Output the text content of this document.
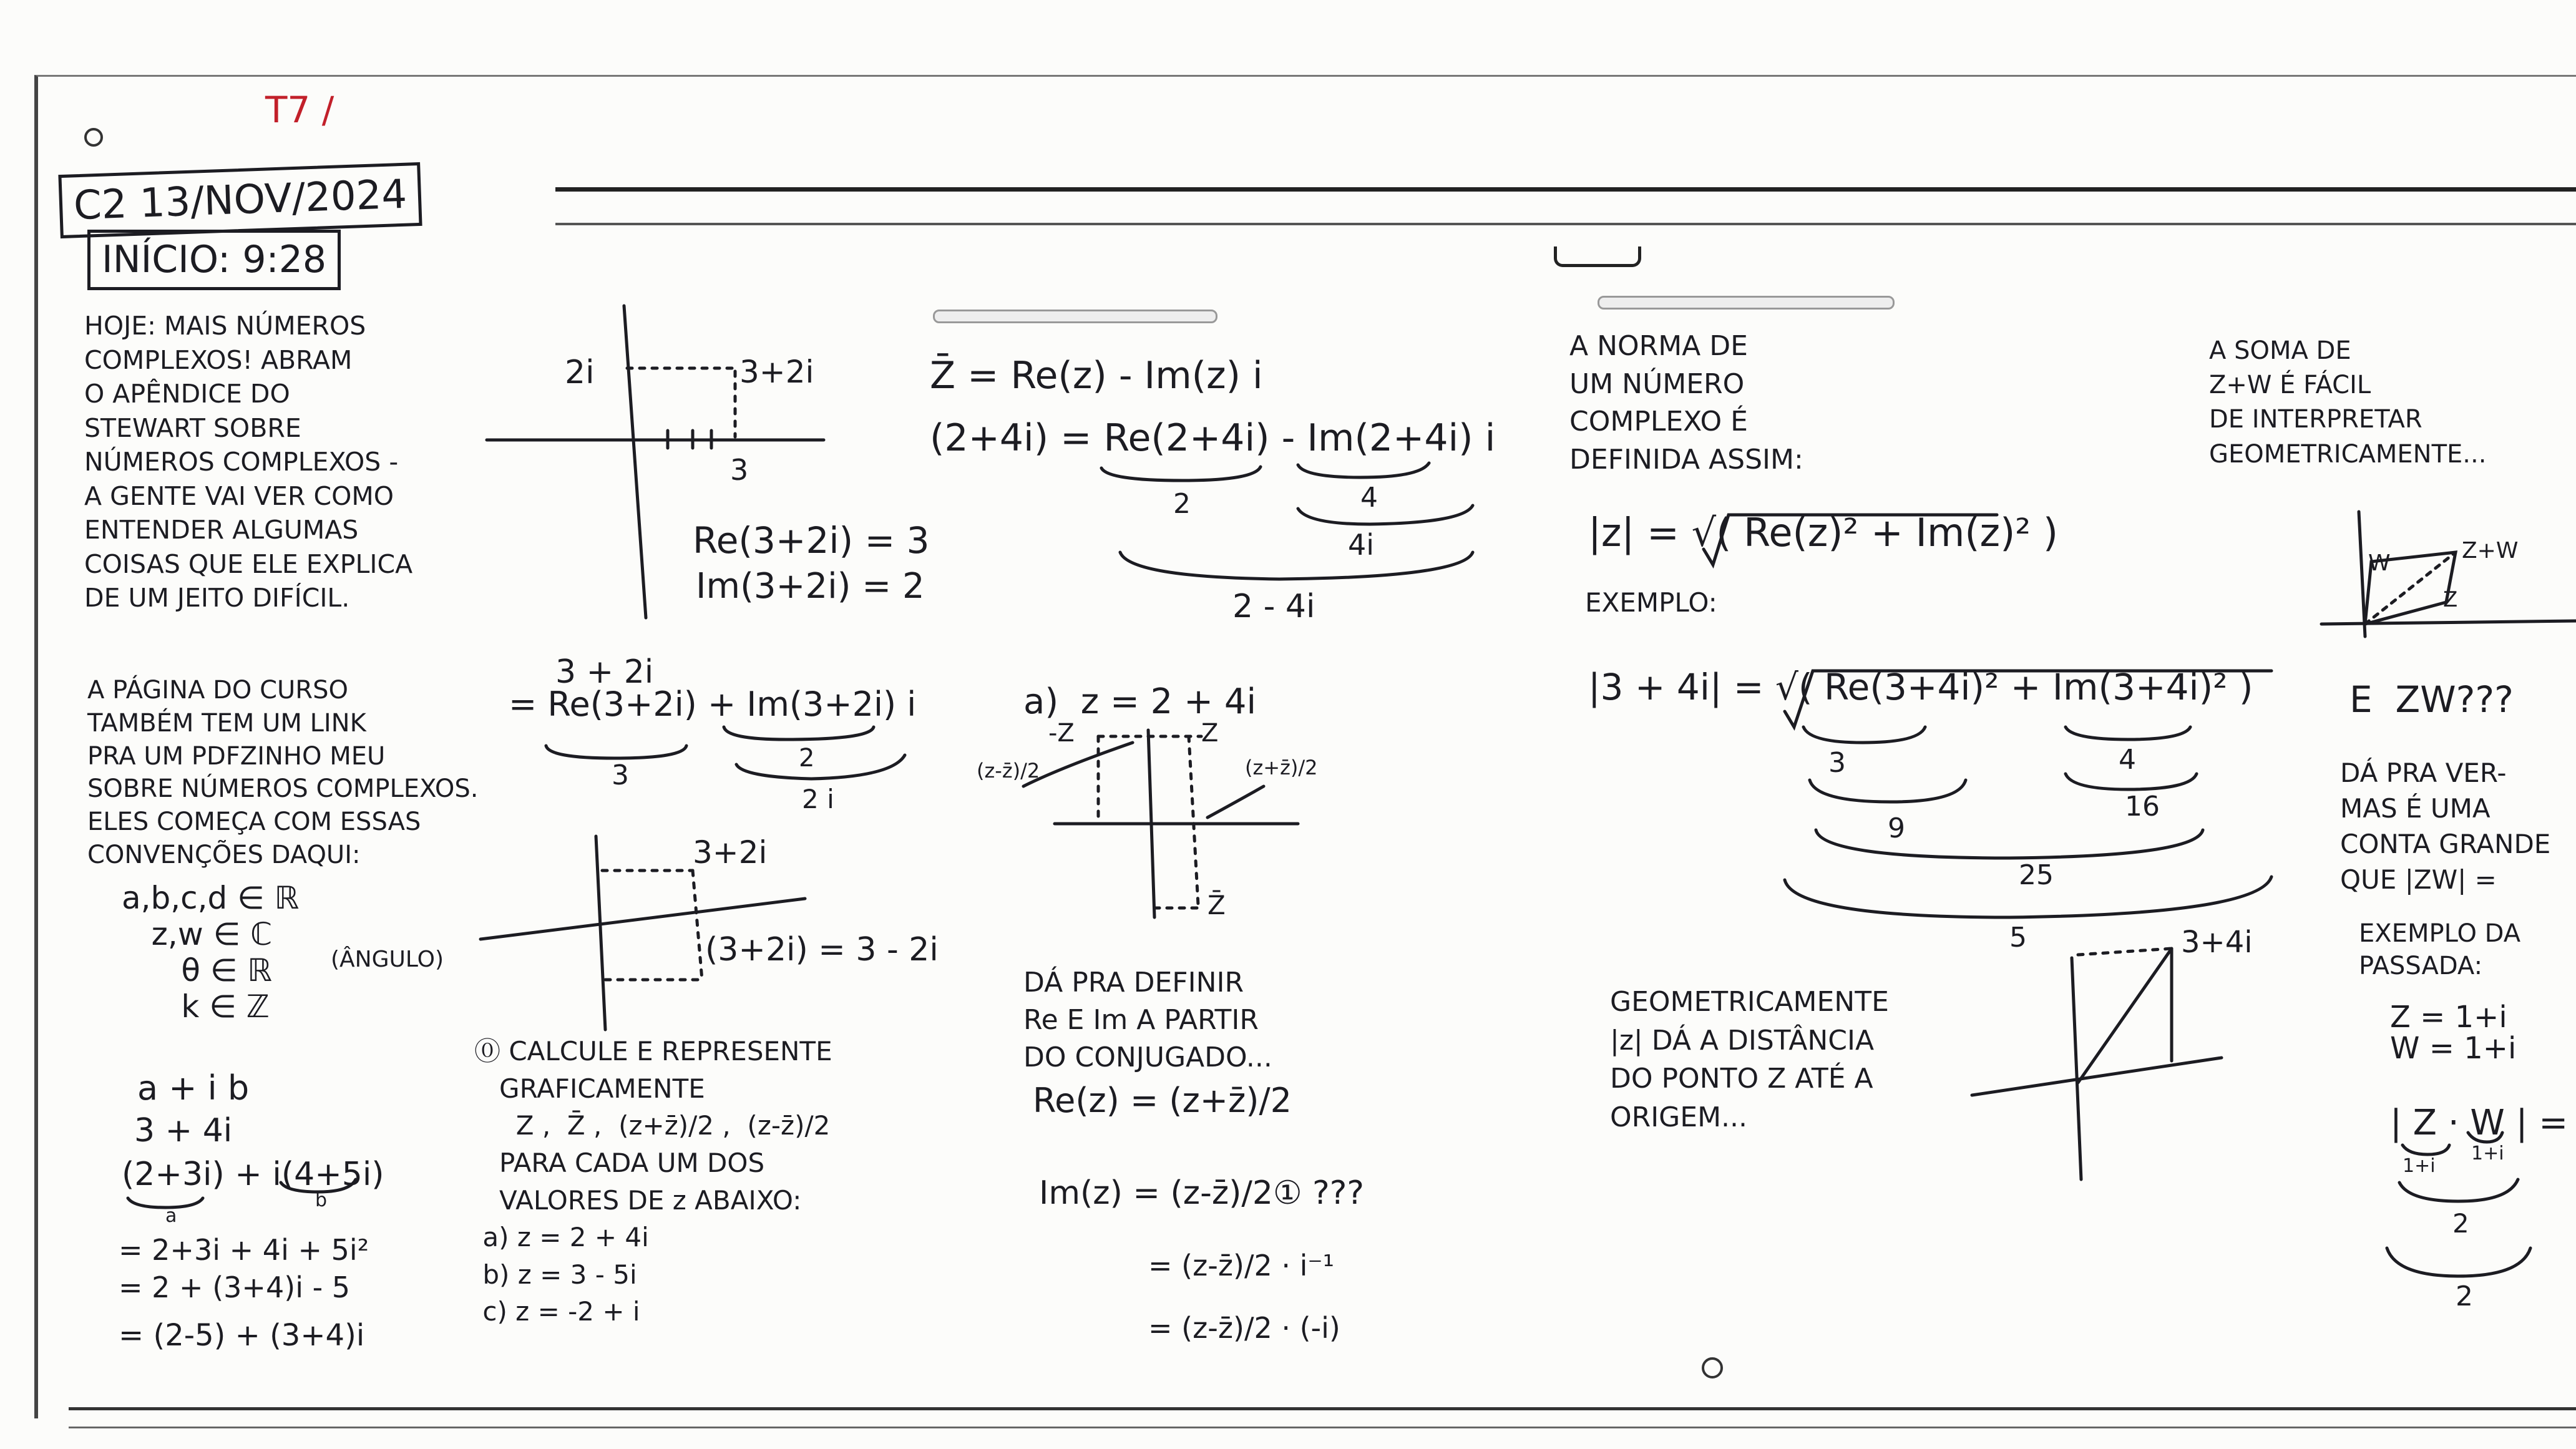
T7 /
C2 13/NOV/2024
INÍCIO: 9:28
HOJE: MAIS NÚMEROS
COMPLEXOS! ABRAM
O APÊNDICE DO
STEWART SOBRE
NÚMEROS COMPLEXOS -
A GENTE VAI VER COMO
ENTENDER ALGUMAS
COISAS QUE ELE EXPLICA
DE UM JEITO DIFÍCIL.
A PÁGINA DO CURSO
TAMBÉM TEM UM LINK
PRA UM PDFZINHO MEU
SOBRE NÚMEROS COMPLEXOS.
ELES COMEÇA COM ESSAS
CONVENÇÕES DAQUI:
a,b,c,d ∈ ℝ
z,w ∈ ℂ
θ ∈ ℝ
k ∈ ℤ
(ÂNGULO)
a + i b
3 + 4i
(2+3i) + i(4+5i)
a
b
= 2+3i + 4i + 5i²
= 2 + (3+4)i - 5
= (2-5) + (3+4)i
2i	3+2i
3
Re(3+2i) = 3
Im(3+2i) = 2
3 + 2i
= Re(3+2i) + Im(3+2i) i
3
2
2 i
3+2i
(3+2i) = 3 - 2i
⓪ CALCULE E REPRESENTE
GRAFICAMENTE
Z ,  Z̄ ,  (z+z̄)/2 ,  (z-z̄)/2
PARA CADA UM DOS
VALORES DE z ABAIXO:
a) z = 2 + 4i
b) z = 3 - 5i
c) z = -2 + i
Z̄ = Re(z) - Im(z) i
(2+4i) = Re(2+4i) - Im(2+4i) i
2	4
4i
2 - 4i
a)  z = 2 + 4i
-Z	Z
Z̄
(z-z̄)/2	(z+z̄)/2
DÁ PRA DEFINIR
Re E Im A PARTIR
DO CONJUGADO...
Re(z) = (z+z̄)/2
Im(z) = (z-z̄)/2① ???
= (z-z̄)/2 · i⁻¹
= (z-z̄)/2 · (-i)
A NORMA DE
UM NÚMERO
COMPLEXO É
DEFINIDA ASSIM:
|z| = √( Re(z)² + Im(z)² )
EXEMPLO:
|3 + 4i| = √( Re(3+4i)² + Im(3+4i)² )
3	4
9
16
25
5
GEOMETRICAMENTE
|z| DÁ A DISTÂNCIA
DO PONTO Z ATÉ A
ORIGEM...
3+4i
A SOMA DE
Z+W É FÁCIL
DE INTERPRETAR
GEOMETRICAMENTE...
W	Z+W
Z
E  ZW???
DÁ PRA VER-
MAS É UMA
CONTA GRANDE
QUE |ZW| =
EXEMPLO DA
PASSADA:
Z = 1+i
W = 1+i
| Z · W | =
1+i
1+i
2
2
